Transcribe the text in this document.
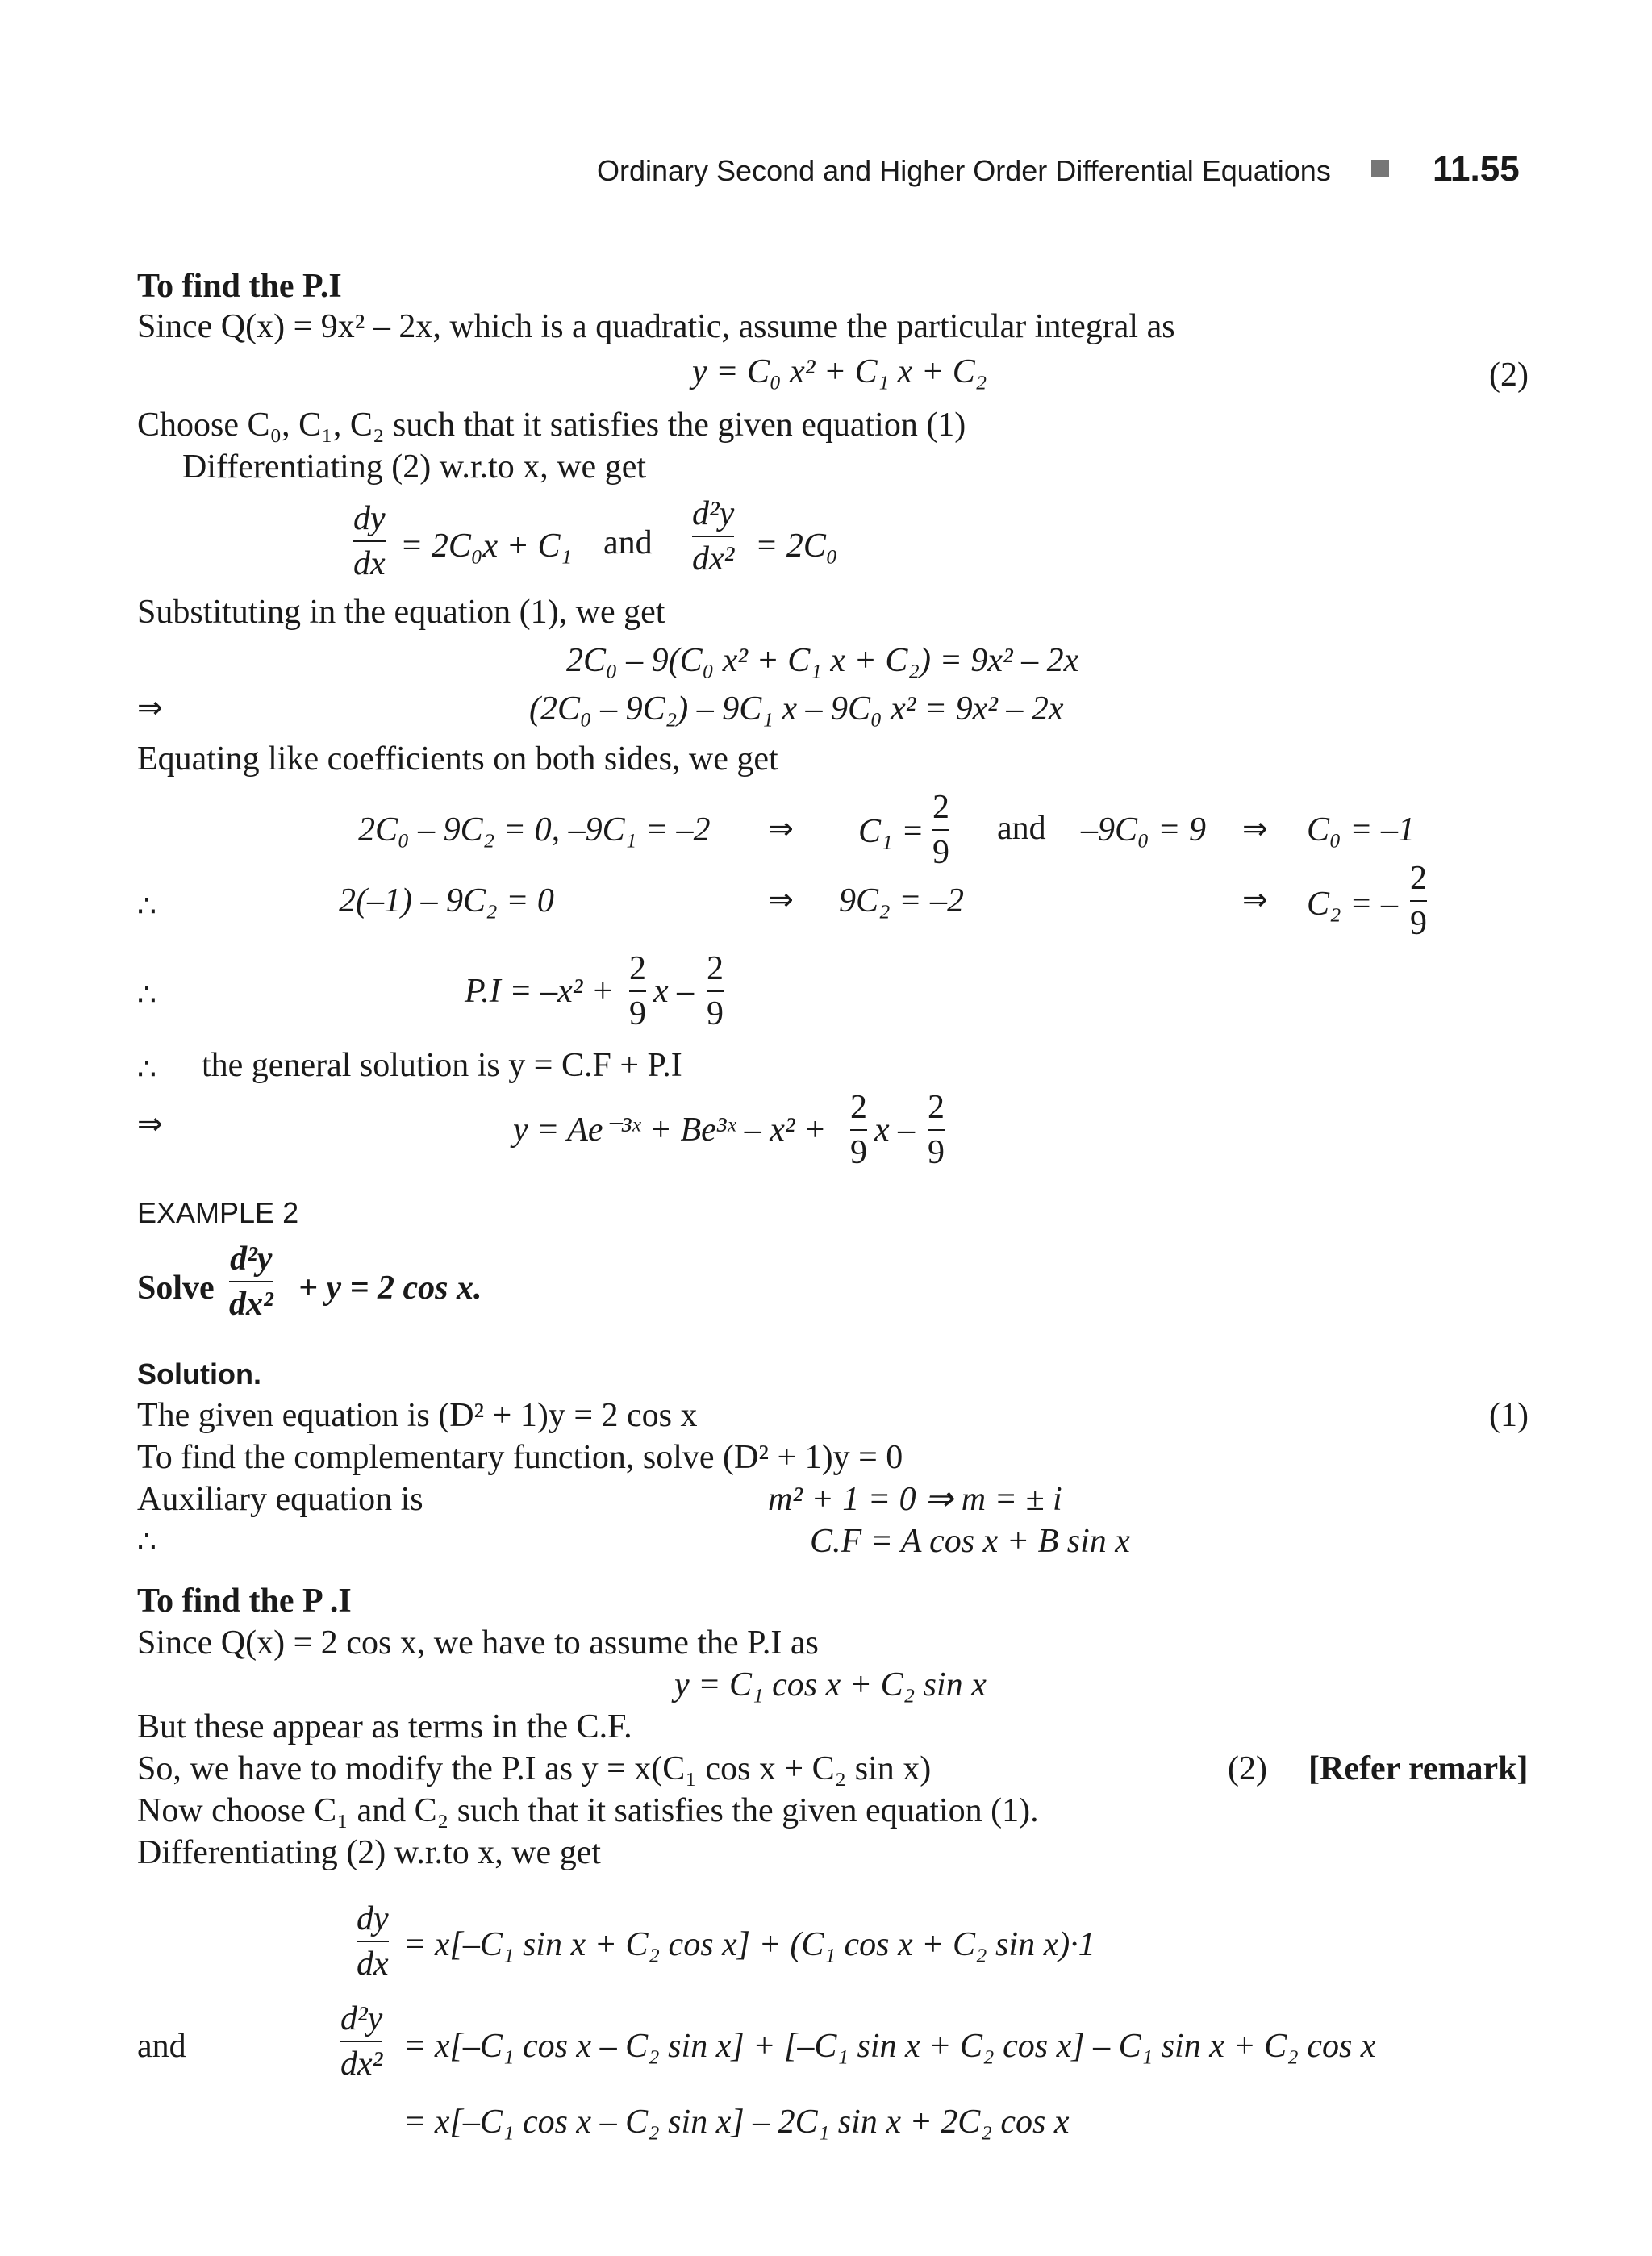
Ordinary Second and Higher Order Differential Equations	11.55
To find the P.I
Since Q(x) = 9x² – 2x, which is a quadratic, assume the particular integral as
y = C₀ x² + C₁ x + C₂	(2)
Choose C₀, C₁, C₂ such that it satisfies the given equation (1)
Differentiating (2) w.r.to x, we get
dy
dx = 2C₀x + C₁ and
d²y
dx² = 2C₀
Substituting in the equation (1), we get
2C₀ – 9(C₀ x² + C₁ x + C₂) = 9x² – 2x
⇒	(2C₀ – 9C₂) – 9C₁ x – 9C₀ x² = 9x² – 2x
Equating like coefficients on both sides, we get
2C₀ – 9C₂ = 0, –9C₁ = –2 ⇒ C₁ =
2
9
and –9C₀ = 9 ⇒ C₀ = –1
∴	2(–1) – 9C₂ = 0	⇒ 9C₂ = –2	⇒ C₂ = –
2
9
∴	P.I = –x² +
2
9
x –
2
9
∴ the general solution is y = C.F + P.I
⇒	y = Ae⁻³ˣ + Be³ˣ – x² +
2
9
x –
2
9
EXAMPLE 2
Solve
d²y
dx² + y = 2 cos x.
Solution.
The given equation is (D² + 1)y = 2 cos x	(1)
To find the complementary function, solve (D² + 1)y = 0
Auxiliary equation is	m² + 1 = 0 ⇒ m = ± i
∴	C.F = A cos x + B sin x
To find the P .I
Since Q(x) = 2 cos x, we have to assume the P.I as
y = C₁ cos x + C₂ sin x
But these appear as terms in the C.F.
So, we have to modify the P.I as y = x(C₁ cos x + C₂ sin x)	(2) [Refer remark]
Now choose C₁ and C₂ such that it satisfies the given equation (1).
Differentiating (2) w.r.to x, we get
dy
dx
= x[–C₁ sin x + C₂ cos x] + (C₁ cos x + C₂ sin x)·1
and
d²y
dx² = x[–C₁ cos x – C₂ sin x] + [–C₁ sin x + C₂ cos x] – C₁ sin x + C₂ cos x
= x[–C₁ cos x – C₂ sin x] – 2C₁ sin x + 2C₂ cos x
